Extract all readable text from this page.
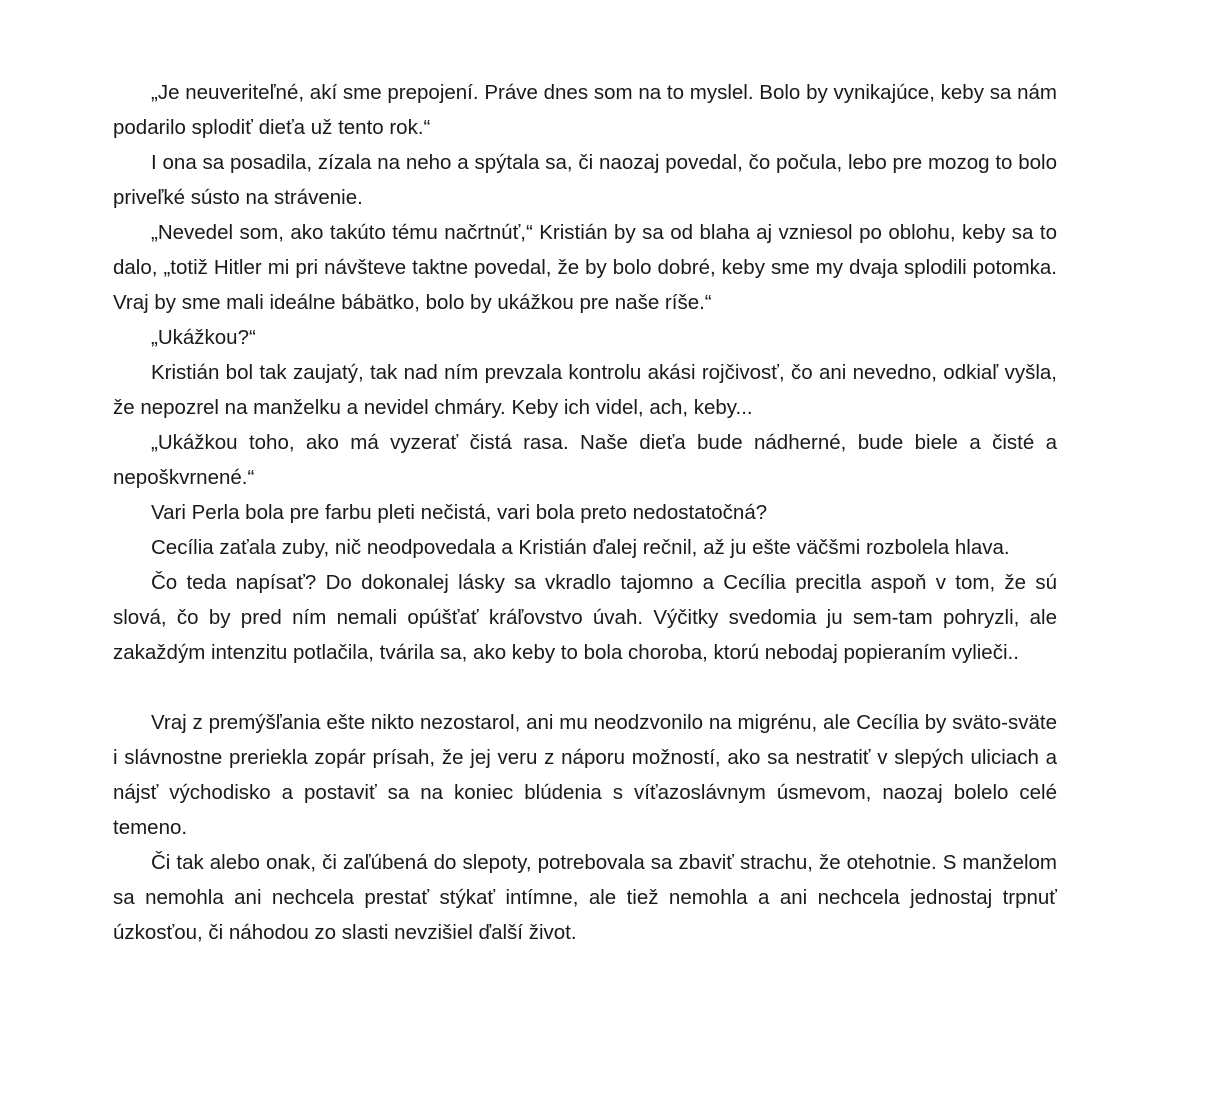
„Je neuveriteľné, akí sme prepojení. Práve dnes som na to myslel. Bolo by vynikajúce, keby sa nám podarilo splodiť dieťa už tento rok.“

I ona sa posadila, zízala na neho a spýtala sa, či naozaj povedal, čo počula, lebo pre mozog to bolo priveľké sústo na strávenie.

„Nevedel som, ako takúto tému načrtnúť,“ Kristián by sa od blaha aj vzniesol po oblohu, keby sa to dalo, „totiž Hitler mi pri návšteve taktne povedal, že by bolo dobré, keby sme my dvaja splodili potomka. Vraj by sme mali ideálne bábätko, bolo by ukážkou pre naše ríše.“

„Ukážkou?“

Kristián bol tak zaujatý, tak nad ním prevzala kontrolu akási rojčivosť, čo ani nevedno, odkiaľ vyšla, že nepozrel na manželku a nevidel chmáry. Keby ich videl, ach, keby...

„Ukážkou toho, ako má vyzerať čistá rasa. Naše dieťa bude nádherné, bude biele a čisté a nepoškvrnené.“

Vari Perla bola pre farbu pleti nečistá, vari bola preto nedostatočná?

Cecília zaťala zuby, nič neodpovedala a Kristián ďalej rečnil, až ju ešte väčšmi rozbolela hlava.

Čo teda napísať? Do dokonalej lásky sa vkradlo tajomno a Cecília precitla aspoň v tom, že sú slová, čo by pred ním nemali opúšťať kráľovstvo úvah. Výčitky svedomia ju sem-tam pohryzli, ale zakaždým intenzitu potlačila, tvárila sa, ako keby to bola choroba, ktorú nebodaj popieraním vylieči..

Vraj z premýšľania ešte nikto nezostarol, ani mu neodzvonilo na migrénu, ale Cecília by sväto-sväte i slávnostne preriekla zopár prísah, že jej veru z náporu možností, ako sa nestratiť v slepých uliciach a nájsť východisko a postaviť sa na koniec blúdenia s víťazoslávnym úsmevom, naozaj bolelo celé temeno.

Či tak alebo onak, či zaľúbená do slepoty, potrebovala sa zbaviť strachu, že otehotnie. S manželom sa nemohla ani nechcela prestať stýkať intímne, ale tiež nemohla a ani nechcela jednostaj trpnuť úzkosťou, či náhodou zo slasti nevzišiel ďalší život.
